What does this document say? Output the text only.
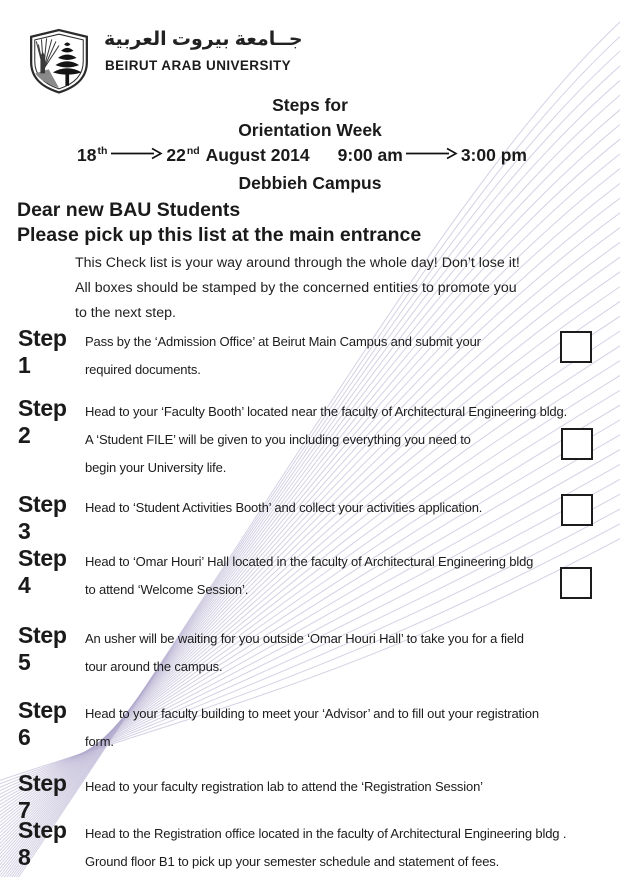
جــامعة بيروت العربية
BEIRUT ARAB UNIVERSITY
Steps for
Orientation Week
18th	22nd August 2014 9:00 am	3:00 pm
Debbieh Campus
Dear new BAU Students
Please pick up this list at the main entrance
This Check list is your way around through the whole day! Don’t lose it!
All boxes should be stamped by the concerned entities to promote you
to the next step.
Step 1
Pass by the ‘Admission Office’ at Beirut Main Campus and submit your
required documents.
Step 2
Head to your ‘Faculty Booth’ located near the faculty of Architectural Engineering bldg.
A ‘Student FILE’ will be given to you including everything you need to
begin your University life.
Step 3
Head to ‘Student Activities Booth’ and collect your activities application.
Step 4
Head to ‘Omar Houri’ Hall located in the faculty of Architectural Engineering bldg
to attend ‘Welcome Session’.
Step 5
An usher will be waiting for you outside ‘Omar Houri Hall’ to take you for a field
tour around the campus.
Step 6
Head to your faculty building to meet your ‘Advisor’ and to fill out your registration
form.
Step 7
Head to your faculty registration lab to attend the ‘Registration Session’
Step 8
Head to the Registration office located in the faculty of Architectural Engineering bldg .
Ground floor B1 to pick up your semester schedule and statement of fees.
